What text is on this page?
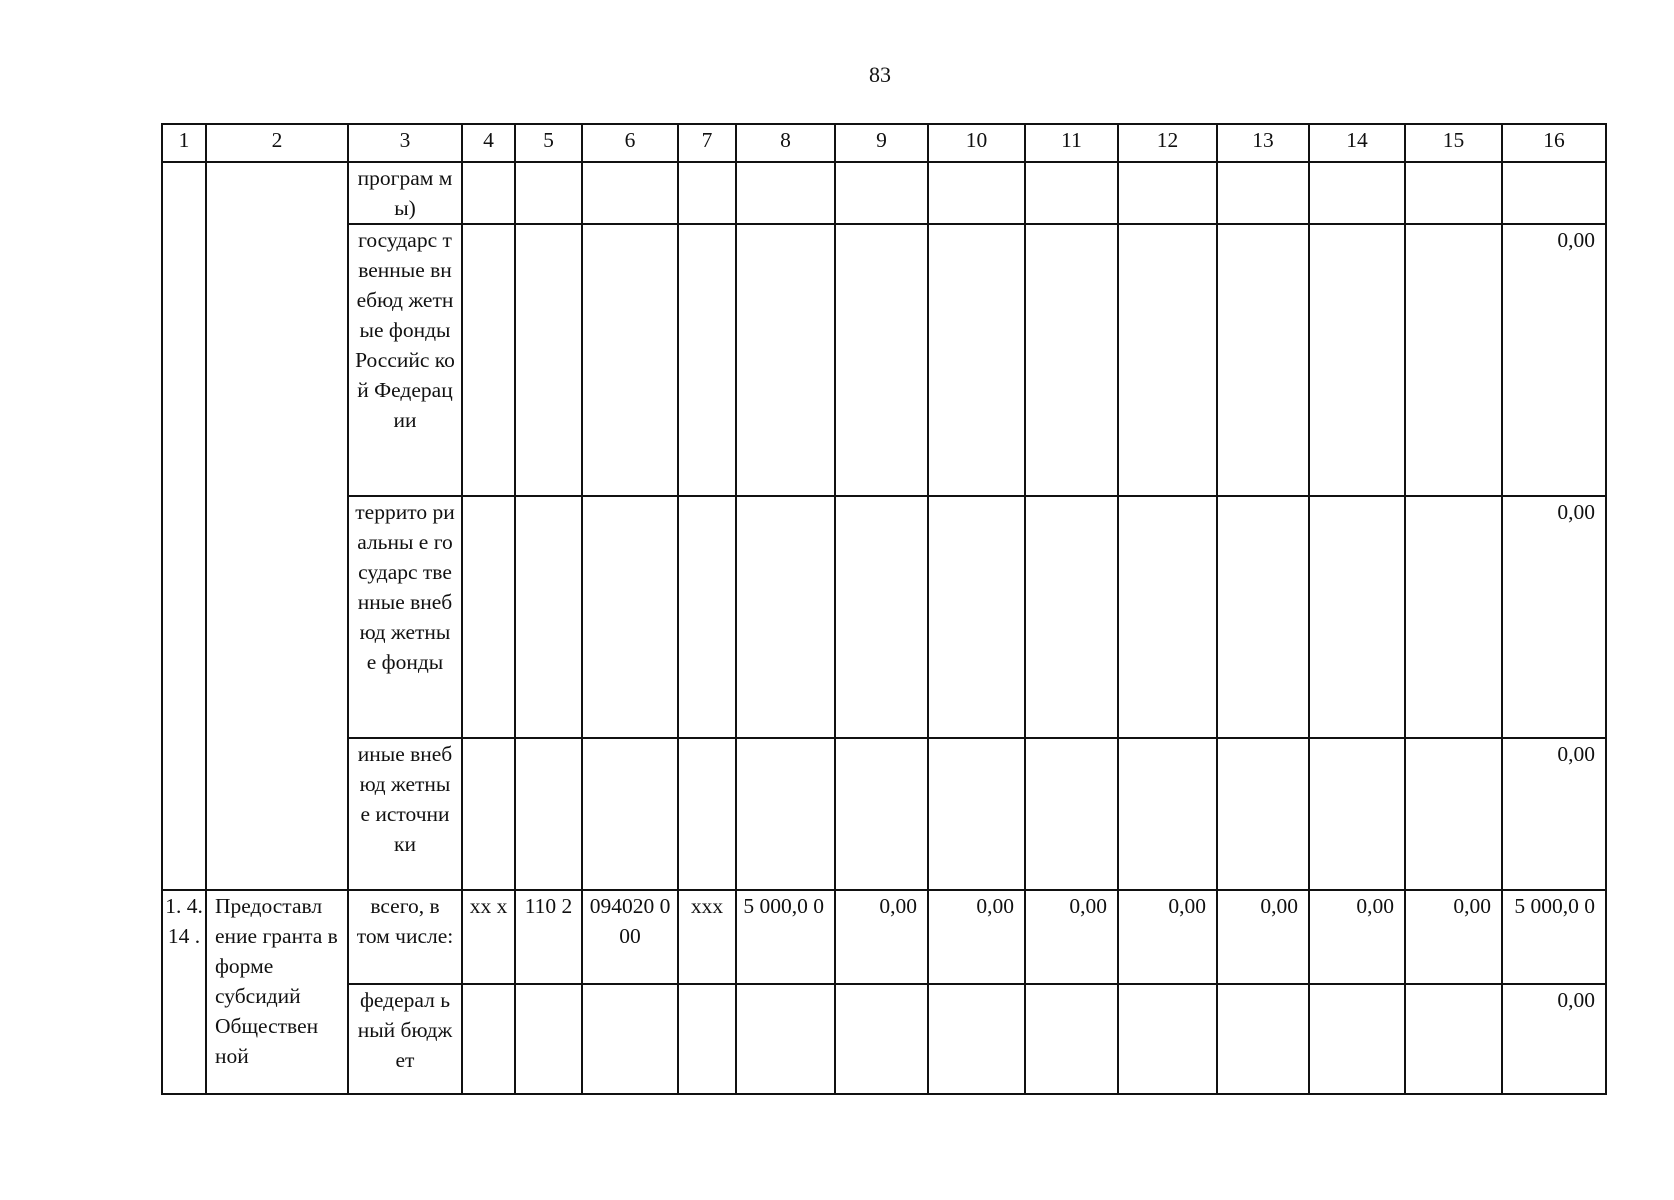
83
1	2	3	4	5	6	7	8	9	10	11	12	13	14	15	16
		програм мы)													
		государс твенные внебюд жетные фонды Российс кой Федерац ии													0,00
		террито риальны е государс твенные внебюд жетные фонды													0,00
		иные внебюд жетные источни ки													0,00
1. 4. 14 .	Предоставл ение гранта в форме субсидий Обществен ной	всего, в том числе:	хх х	110 2	094020 000	ххх	5 000,0 0	0,00	0,00	0,00	0,00	0,00	0,00	0,00	5 000,0 0
		федерал ьный бюджет													0,00
